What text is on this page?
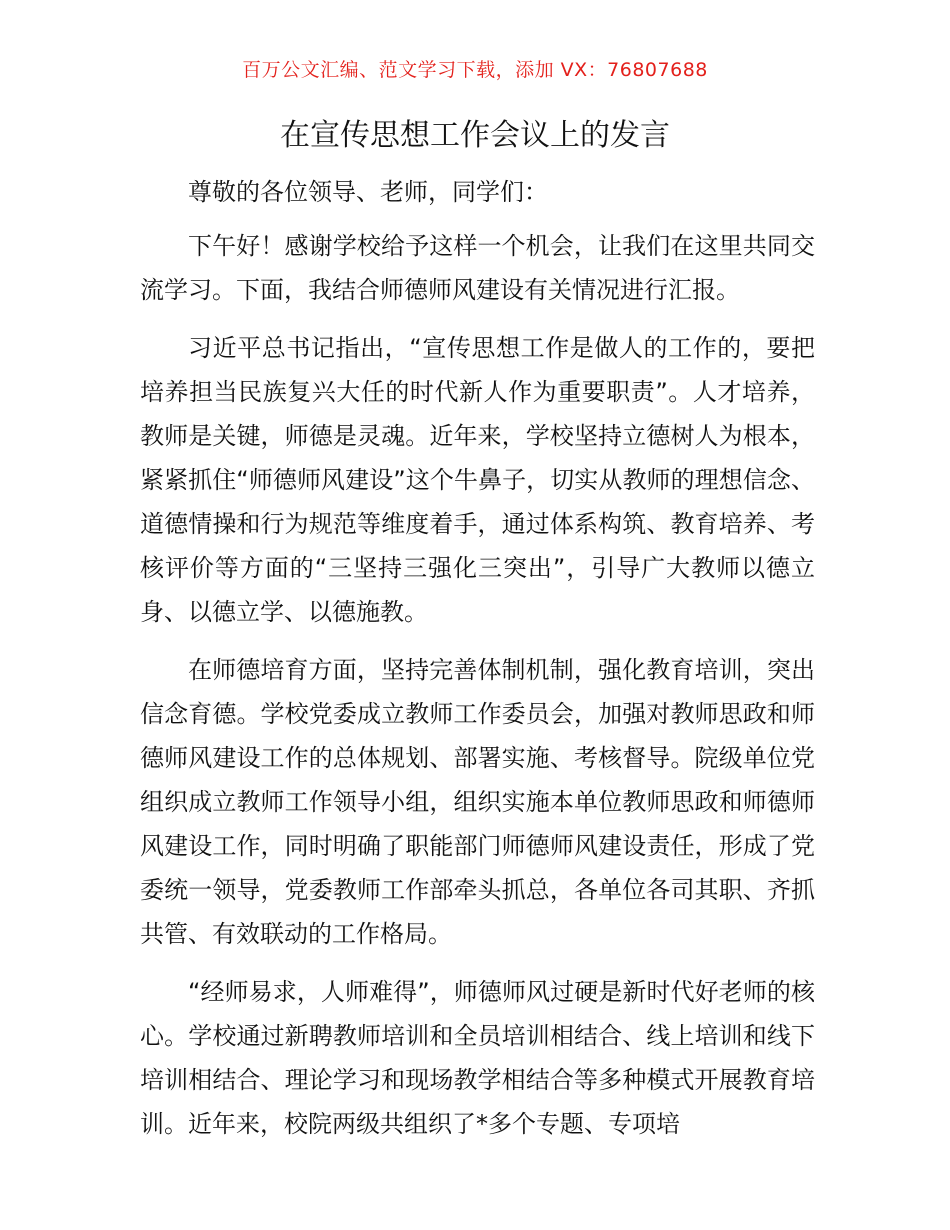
百万公文汇编、范文学习下载，添加 VX：76807688
在宣传思想工作会议上的发言

尊敬的各位领导、老师，同学们：

下午好！感谢学校给予这样一个机会，让我们在这里共同交流学习。下面，我结合师德师风建设有关情况进行汇报。

习近平总书记指出，“宣传思想工作是做人的工作的，要把培养担当民族复兴大任的时代新人作为重要职责”。人才培养，教师是关键，师德是灵魂。近年来，学校坚持立德树人为根本，紧紧抓住“师德师风建设”这个牛鼻子，切实从教师的理想信念、道德情操和行为规范等维度着手，通过体系构筑、教育培养、考核评价等方面的“三坚持三强化三突出”，引导广大教师以德立身、以德立学、以德施教。

在师德培育方面，坚持完善体制机制，强化教育培训，突出信念育德。学校党委成立教师工作委员会，加强对教师思政和师德师风建设工作的总体规划、部署实施、考核督导。院级单位党组织成立教师工作领导小组，组织实施本单位教师思政和师德师风建设工作，同时明确了职能部门师德师风建设责任，形成了党委统一领导，党委教师工作部牵头抓总，各单位各司其职、齐抓共管、有效联动的工作格局。

“经师易求，人师难得”，师德师风过硬是新时代好老师的核心。学校通过新聘教师培训和全员培训相结合、线上培训和线下培训相结合、理论学习和现场教学相结合等多种模式开展教育培训。近年来，校院两级共组织了*多个专题、专项培
